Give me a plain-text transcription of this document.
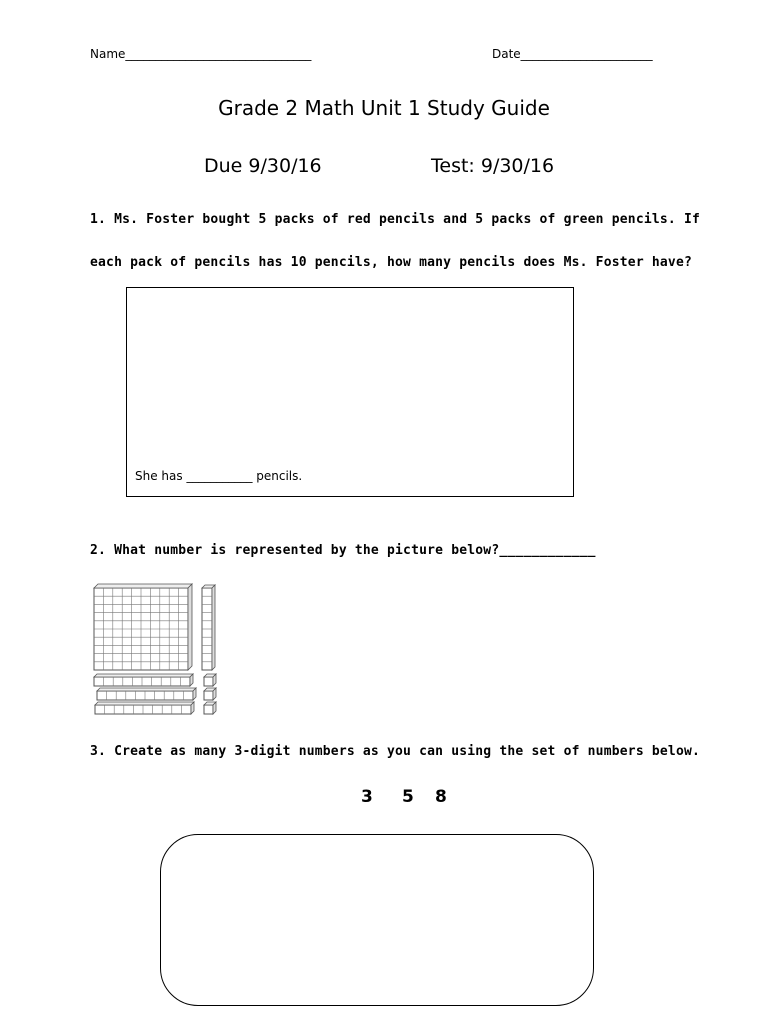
Name_______________________________	Date______________________
Grade 2 Math Unit 1 Study Guide
Due 9/30/16	Test: 9/30/16
1. Ms. Foster bought 5 packs of red pencils and 5 packs of green pencils. If
each pack of pencils has 10 pencils, how many pencils does Ms. Foster have?
She has ___________ pencils.
2. What number is represented by the picture below?____________
3. Create as many 3-digit numbers as you can using the set of numbers below.
3 5 8
